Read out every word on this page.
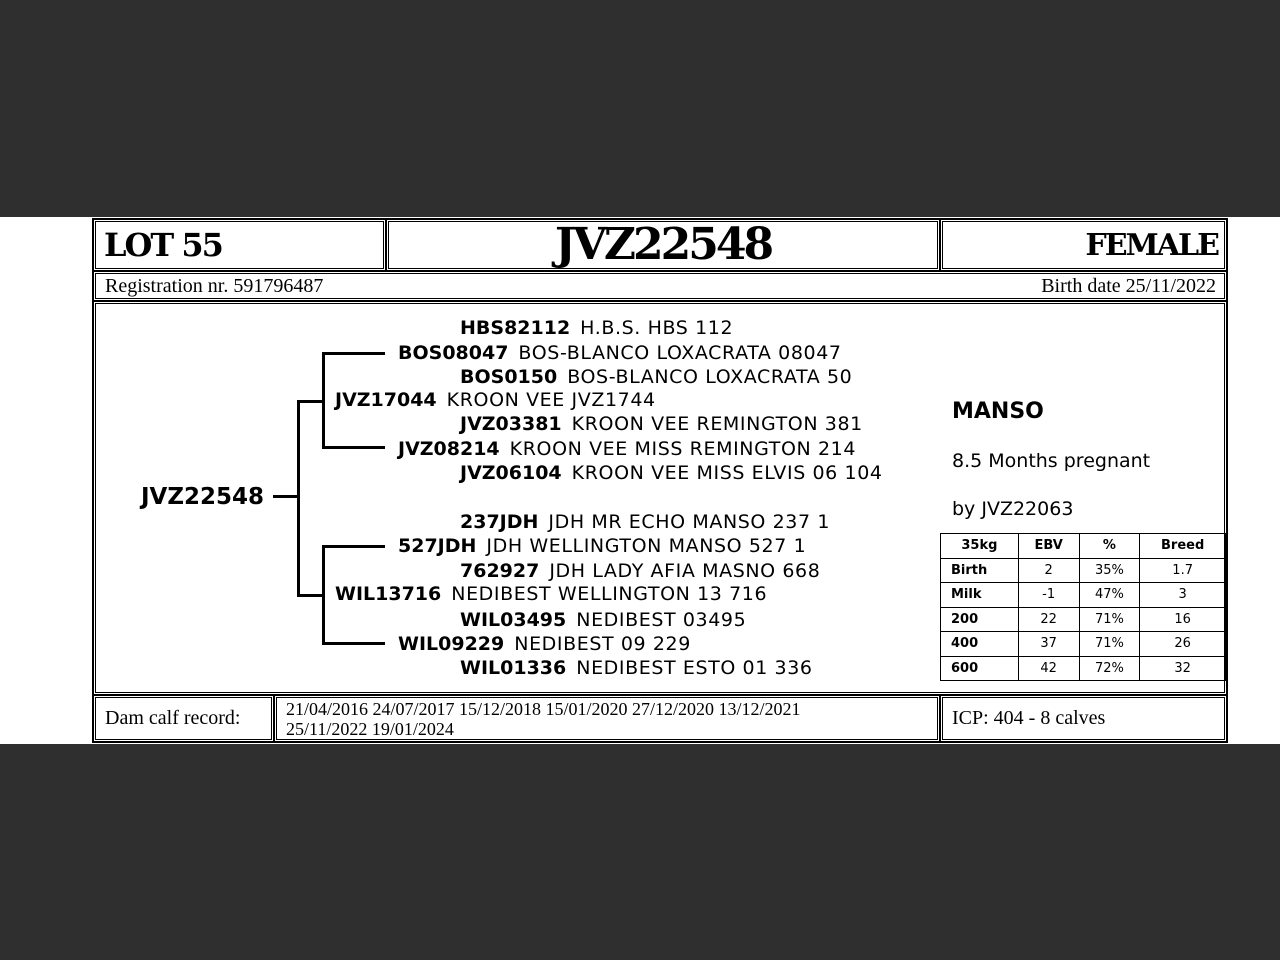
LOT 55	JVZ22548	FEMALE
Registration nr. 591796487	Birth date 25/11/2022
Dam calf record:	21/04/2016 24/07/2017 15/12/2018 15/01/2020 27/12/2020 13/12/2021
25/11/2022 19/01/2024	ICP: 404 - 8 calves
JVZ22548
HBS82112 H.B.S. HBS 112
BOS08047 BOS-BLANCO LOXACRATA 08047
BOS0150 BOS-BLANCO LOXACRATA 50
JVZ17044 KROON VEE JVZ1744
JVZ03381 KROON VEE REMINGTON 381
JVZ08214 KROON VEE MISS REMINGTON 214
JVZ06104 KROON VEE MISS ELVIS 06 104
237JDH JDH MR ECHO MANSO 237 1
527JDH JDH WELLINGTON MANSO 527 1
762927 JDH LADY AFIA MASNO 668
WIL13716 NEDIBEST WELLINGTON 13 716
WIL03495 NEDIBEST 03495
WIL09229 NEDIBEST 09 229
WIL01336 NEDIBEST ESTO 01 336
MANSO
8.5 Months pregnant
by JVZ22063
35kg	EBV	%	Breed
Birth	2	35%	1.7
Milk	-1	47%	3
200	22	71%	16
400	37	71%	26
600	42	72%	32
